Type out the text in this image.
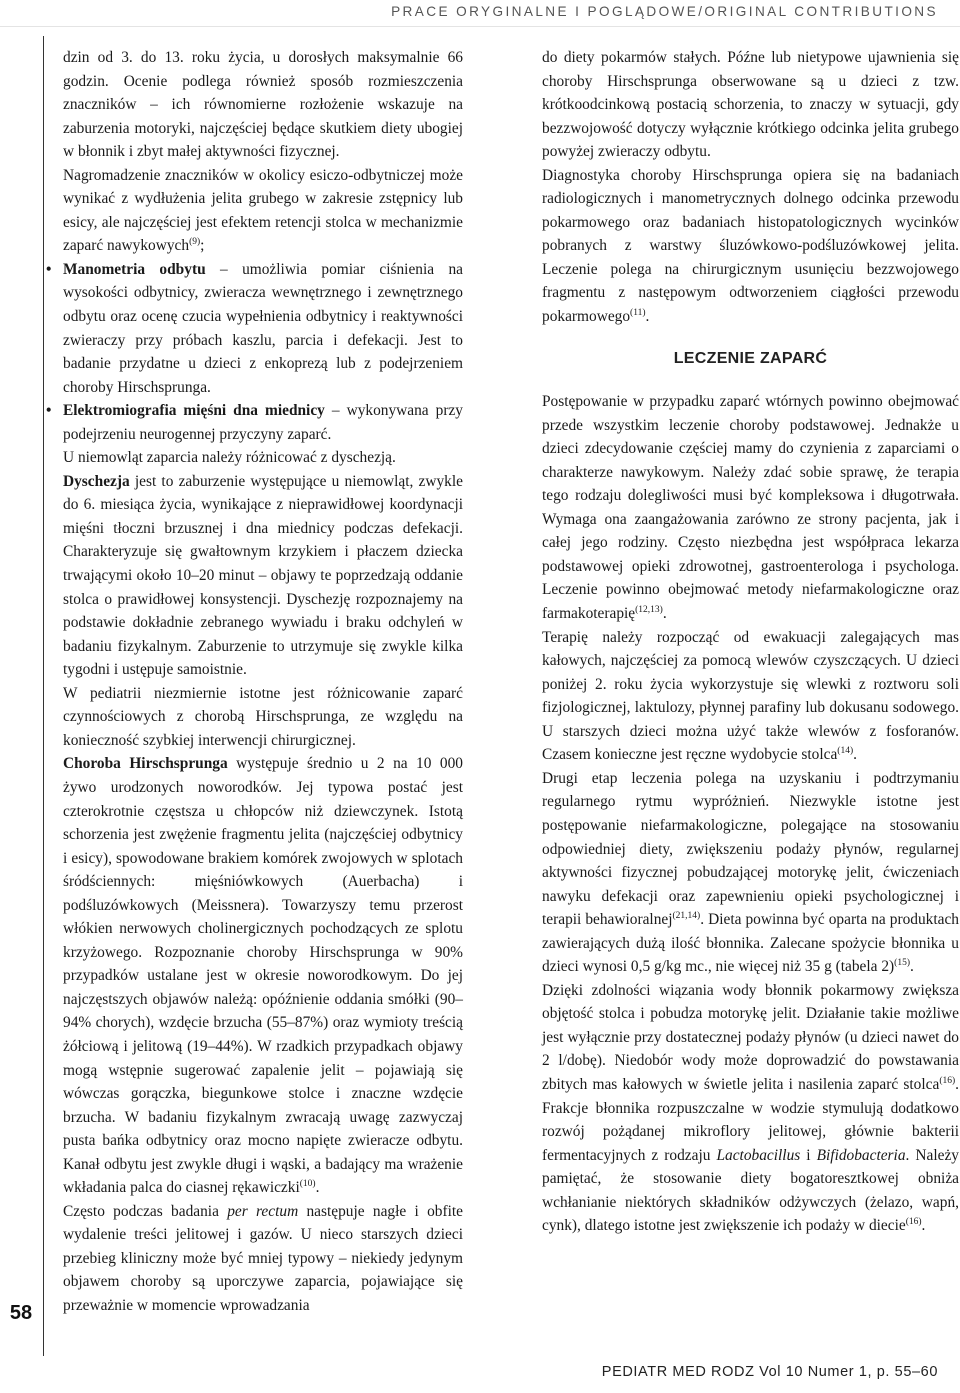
PRACE ORYGINALNE I POGLĄDOWE/ORIGINAL CONTRIBUTIONS
58

dzin od 3. do 13. roku życia, u dorosłych maksymalnie 66 godzin. Ocenie podlega również sposób rozmieszczenia znaczników – ich równomierne rozłożenie wskazuje na zaburzenia motoryki, najczęściej będące skutkiem diety ubogiej w błonnik i zbyt małej aktywności fizycznej.

Nagromadzenie znaczników w okolicy esiczo-odbytniczej może wynikać z wydłużenia jelita grubego w zakresie zstępnicy lub esicy, ale najczęściej jest efektem retencji stolca w mechanizmie zaparć nawykowych$^{(9)}$;

• Manometria odbytu – umożliwia pomiar ciśnienia na wysokości odbytnicy, zwieracza wewnętrznego i zewnętrznego odbytu oraz ocenę czucia wypełnienia odbytnicy i reaktywności zwieraczy przy próbach kaszlu, parcia i defekacji. Jest to badanie przydatne u dzieci z enkoprezą lub z podejrzeniem choroby Hirschsprunga.

• Elektromiografia mięśni dna miednicy – wykonywana przy podejrzeniu neurogennej przyczyny zaparć.

U niemowląt zaparcia należy różnicować z dyschezją.

Dyschezja jest to zaburzenie występujące u niemowląt, zwykle do 6. miesiąca życia, wynikające z nieprawidłowej koordynacji mięśni tłoczni brzusznej i dna miednicy podczas defekacji. Charakteryzuje się gwałtownym krzykiem i płaczem dziecka trwającymi około 10–20 minut – objawy te poprzedzają oddanie stolca o prawidłowej konsystencji. Dyschezję rozpoznajemy na podstawie dokładnie zebranego wywiadu i braku odchyleń w badaniu fizykalnym. Zaburzenie to utrzymuje się zwykle kilka tygodni i ustępuje samoistnie.

W pediatrii niezmiernie istotne jest różnicowanie zaparć czynnościowych z chorobą Hirschsprunga, ze względu na konieczność szybkiej interwencji chirurgicznej.

Choroba Hirschsprunga występuje średnio u 2 na 10 000 żywo urodzonych noworodków. Jej typowa postać jest czterokrotnie częstsza u chłopców niż dziewczynek. Istotą schorzenia jest zwężenie fragmentu jelita (najczęściej odbytnicy i esicy), spowodowane brakiem komórek zwojowych w splotach śródściennych: mięśniówkowych (Auerbacha) i podśluzówkowych (Meissnera). Towarzyszy temu przerost włókien nerwowych cholinergicznych pochodzących ze splotu krzyżowego. Rozpoznanie choroby Hirschsprunga w 90% przypadków ustalane jest w okresie noworodkowym. Do jej najczęstszych objawów należą: opóźnienie oddania smółki (90–94% chorych), wzdęcie brzucha (55–87%) oraz wymioty treścią żółciową i jelitową (19–44%). W rzadkich przypadkach objawy mogą wstępnie sugerować zapalenie jelit – pojawiają się wówczas gorączka, biegunkowe stolce i znaczne wzdęcie brzucha. W badaniu fizykalnym zwracają uwagę zazwyczaj pusta bańka odbytnicy oraz mocno napięte zwieracze odbytu. Kanał odbytu jest zwykle długi i wąski, a badający ma wrażenie wkładania palca do ciasnej rękawiczki$^{(10)}$.

Często podczas badania per rectum następuje nagłe i obfite wydalenie treści jelitowej i gazów. U nieco starszych dzieci przebieg kliniczny może być mniej typowy – niekiedy jedynym objawem choroby są uporczywe zaparcia, pojawiające się przeważnie w momencie wprowadzania

do diety pokarmów stałych. Późne lub nietypowe ujawnienia się choroby Hirschsprunga obserwowane są u dzieci z tzw. krótkoodcinkową postacią schorzenia, to znaczy w sytuacji, gdy bezzwojowość dotyczy wyłącznie krótkiego odcinka jelita grubego powyżej zwieraczy odbytu.

Diagnostyka choroby Hirschsprunga opiera się na badaniach radiologicznych i manometrycznych dolnego odcinka przewodu pokarmowego oraz badaniach histopatologicznych wycinków pobranych z warstwy śluzówkowo-podśluzówkowej jelita. Leczenie polega na chirurgicznym usunięciu bezzwojowego fragmentu z następowym odtworzeniem ciągłości przewodu pokarmowego$^{(11)}$.

LECZENIE ZAPARĆ

Postępowanie w przypadku zaparć wtórnych powinno obejmować przede wszystkim leczenie choroby podstawowej. Jednakże u dzieci zdecydowanie częściej mamy do czynienia z zaparciami o charakterze nawykowym. Należy zdać sobie sprawę, że terapia tego rodzaju dolegliwości musi być kompleksowa i długotrwała. Wymaga ona zaangażowania zarówno ze strony pacjenta, jak i całej jego rodziny. Często niezbędna jest współpraca lekarza podstawowej opieki zdrowotnej, gastroenterologa i psychologa. Leczenie powinno obejmować metody niefarmakologiczne oraz farmakoterapię$^{(12,13)}$.

Terapię należy rozpocząć od ewakuacji zalegających mas kałowych, najczęściej za pomocą wlewów czyszczących. U dzieci poniżej 2. roku życia wykorzystuje się wlewki z roztworu soli fizjologicznej, laktulozy, płynnej parafiny lub dokusanu sodowego. U starszych dzieci można użyć także wlewów z fosforanów. Czasem konieczne jest ręczne wydobycie stolca$^{(14)}$.

Drugi etap leczenia polega na uzyskaniu i podtrzymaniu regularnego rytmu wypróżnień. Niezwykle istotne jest postępowanie niefarmakologiczne, polegające na stosowaniu odpowiedniej diety, zwiększeniu podaży płynów, regularnej aktywności fizycznej pobudzającej motorykę jelit, ćwiczeniach nawyku defekacji oraz zapewnieniu opieki psychologicznej i terapii behawioralnej$^{(21,14)}$. Dieta powinna być oparta na produktach zawierających dużą ilość błonnika. Zalecane spożycie błonnika u dzieci wynosi 0,5 g/kg mc., nie więcej niż 35 g (tabela 2)$^{(15)}$.

Dzięki zdolności wiązania wody błonnik pokarmowy zwiększa objętość stolca i pobudza motorykę jelit. Działanie takie możliwe jest wyłącznie przy dostatecznej podaży płynów (u dzieci nawet do 2 l/dobę). Niedobór wody może doprowadzić do powstawania zbitych mas kałowych w świetle jelita i nasilenia zaparć stolca$^{(16)}$. Frakcje błonnika rozpuszczalne w wodzie stymulują dodatkowo rozwój pożądanej mikroflory jelitowej, głównie bakterii fermentacyjnych z rodzaju Lactobacillus i Bifidobacteria. Należy pamiętać, że stosowanie diety bogatoresztkowej obniża wchłanianie niektórych składników odżywczych (żelazo, wapń, cynk), dlatego istotne jest zwiększenie ich podaży w diecie$^{(16)}$.

PEDIATR MED RODZ Vol 10 Numer 1, p. 55–60
